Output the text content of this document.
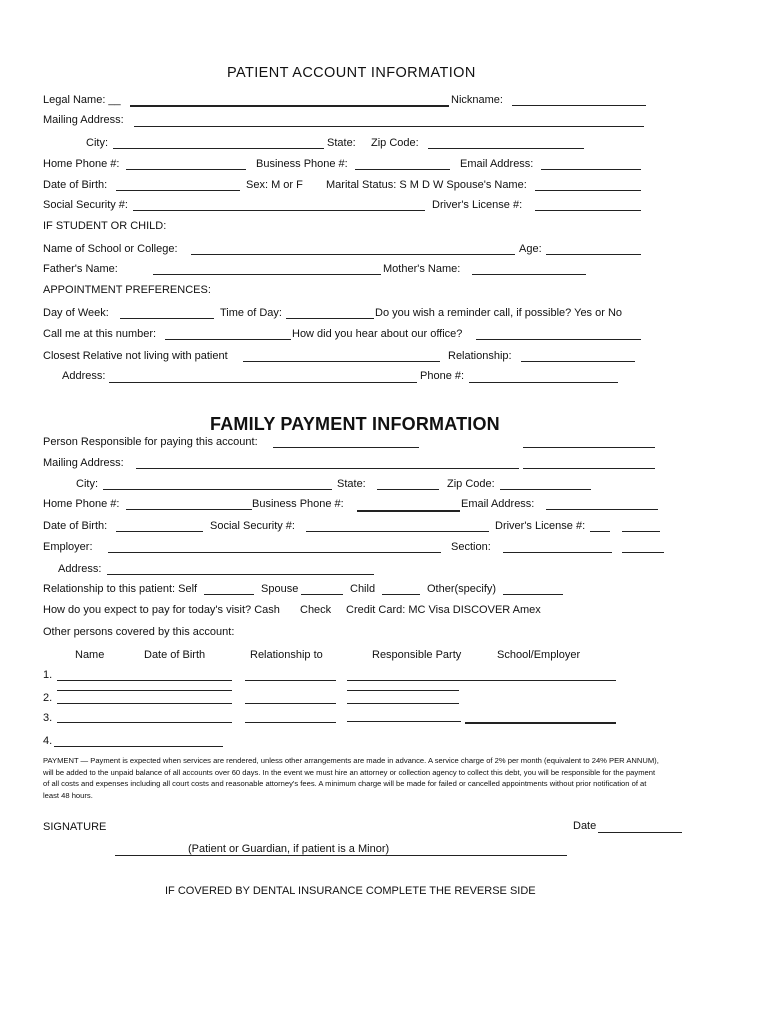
PATIENT ACCOUNT INFORMATION
Legal Name: __	Nickname:
Mailing Address:
City:	State: Zip Code:
Home Phone #:	Business Phone #:	Email Address:
Date of Birth:	Sex: M or F Marital Status: S M D W Spouse's Name:
Social Security #:	Driver's License #:
IF STUDENT OR CHILD:
Name of School or College:	Age:
Father's Name:	Mother's Name:
APPOINTMENT PREFERENCES:
Day of Week:	Time of Day:	Do you wish a reminder call, if possible? Yes or No
Call me at this number:	How did you hear about our office?
Closest Relative not living with patient	Relationship:
Address:	Phone #:
FAMILY PAYMENT INFORMATION
Person Responsible for paying this account:
Mailing Address:
City:	State:	Zip Code:
Home Phone #:	Business Phone #:	Email Address:
Date of Birth:	Social Security #:	Driver's License #:
Employer:	Section:
Address:
Relationship to this patient: Self	Spouse	Child	Other(specify)
How do you expect to pay for today's visit? Cash Check Credit Card: MC Visa DISCOVER Amex
Other persons covered by this account:
Name	Date of Birth	Relationship to	Responsible Party	School/Employer
1.
2.
3.
4.
PAYMENT — Payment is expected when services are rendered, unless other arrangements are made in advance. A service charge of 2% per month (equivalent to 24% PER ANNUM), will be added to the unpaid balance of all accounts over 60 days. In the event we must hire an attorney or collection agency to collect this debt, you will be responsible for the payment of all costs and expenses including all court costs and reasonable attorney's fees. A minimum charge will be made for failed or cancelled appointments without prior notification of at least 48 hours.
SIGNATURE	Date
(Patient or Guardian, if patient is a Minor)
IF COVERED BY DENTAL INSURANCE COMPLETE THE REVERSE SIDE
